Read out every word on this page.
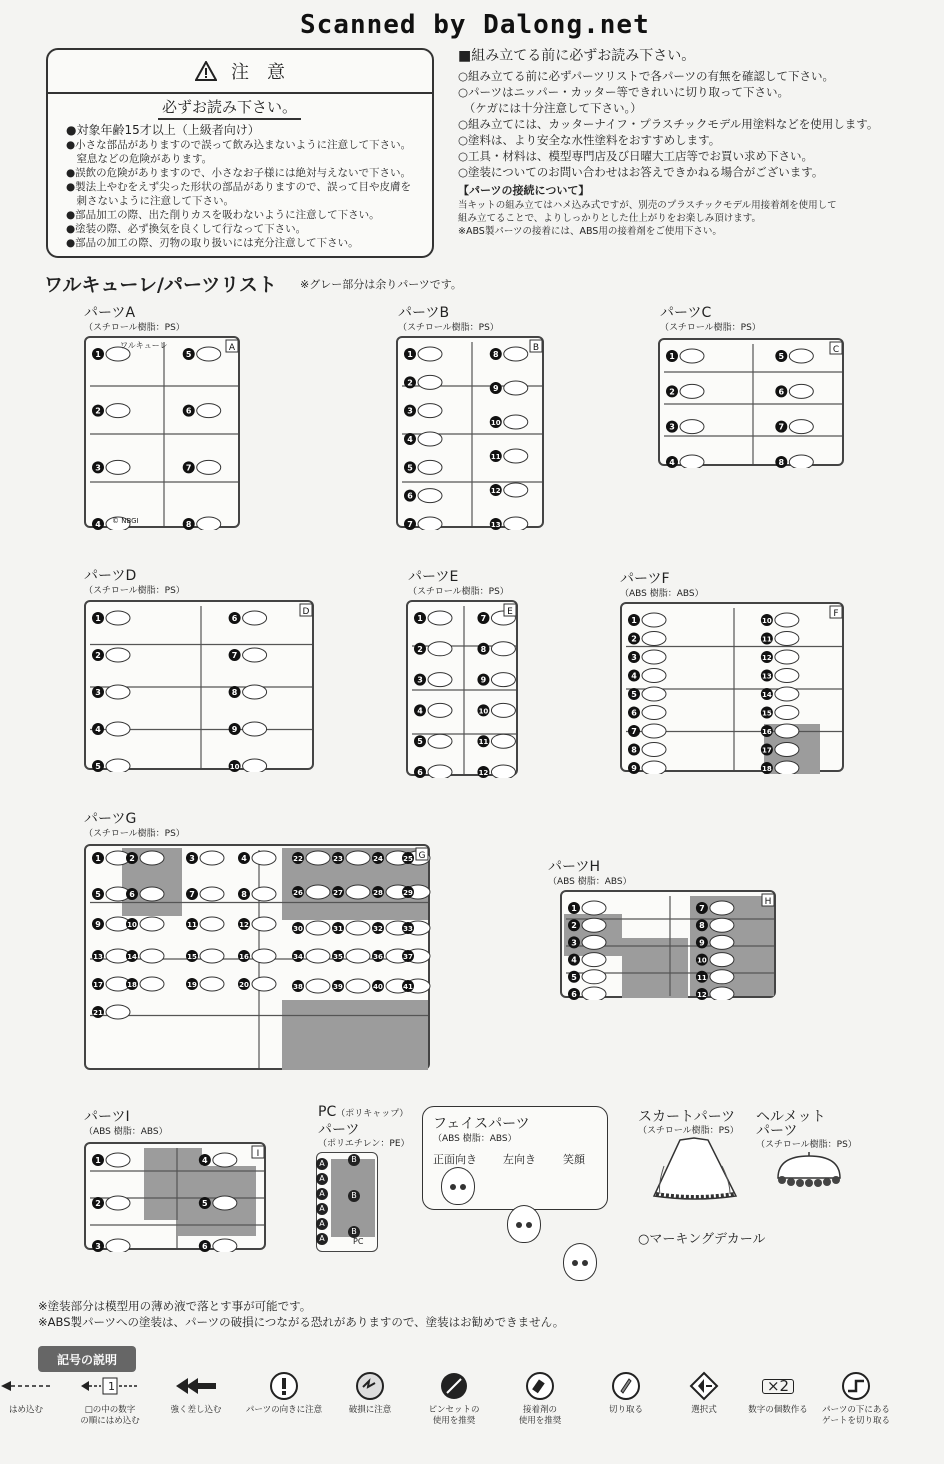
Scanned by Dalong.net
注　意
必ずお読み下さい。
●対象年齢15才以上（上級者向け）
●小さな部品がありますので誤って飲み込まないように注意して下さい。
　窒息などの危険があります。
●誤飲の危険がありますので、小さなお子様には絶対与えないで下さい。
●製法上やむをえず尖った形状の部品がありますので、誤って目や皮膚を
　刺さないように注意して下さい。
●部品加工の際、出た削りカスを吸わないように注意して下さい。
●塗装の際、必ず換気を良くして行なって下さい。
●部品の加工の際、刃物の取り扱いには充分注意して下さい。
■組み立てる前に必ずお読み下さい。
○組み立てる前に必ずパーツリストで各パーツの有無を確認して下さい。
○パーツはニッパー・カッター等できれいに切り取って下さい。
　（ケガには十分注意して下さい。）
○組み立てには、カッターナイフ・プラスチックモデル用塗料などを使用します。
○塗料は、より安全な水性塗料をおすすめします。
○工具・材料は、模型専門店及び日曜大工店等でお買い求め下さい。
○塗装についてのお問い合わせはお答えできかねる場合がございます。
【パーツの接続について】
当キットの組み立てはハメ込み式ですが、別売のプラスチックモデル用接着剤を使用して
組み立てることで、よりしっかりとした仕上がりをお楽しみ頂けます。
※ABS製パーツの接着には、ABS用の接着剤をご使用下さい。
ワルキューレ/パーツリスト ※グレー部分は余りパーツです。
パーツA
（スチロール樹脂：PS）
パーツB
（スチロール樹脂：PS）
パーツC
（スチロール樹脂：PS）
パーツD
（スチロール樹脂：PS）
パーツE
（スチロール樹脂：PS）
パーツF
（ABS 樹脂：ABS）
パーツG
（スチロール樹脂：PS）
パーツH
（ABS 樹脂：ABS）
パーツI
（ABS 樹脂：ABS）
1
2
3
4
5
6
7
8
A
1
2
3
4
5
6
7
8
9
10
11
12
13
B
1
2
3
4
5
6
7
8
C
1
2
3
4
5
6
7
8
9
10
D
1
2
3
4
5
6
7
8
9
10
11
12
E
1
2
3
4
5
6
7
8
9
10
11
12
13
14
15
16
17
18
F
1	2	3	4
5	6	7	8
9	10	11	12
13	14	15	16
17	18	19	20
21
22	23	24	25
26	27	28	29
30	31	32	33
34	35	36	37
38	39	40	41
G
1
2
3
4
5
6
7
8
9
10
11
12
H
1
2
3
4
5
6
I
ワルキューレ
© NBGI
PC（ポリキャップ）
パーツ
（ポリエチレン：PE）
PC
A
A
A
A
A
A
B
B
B
フェイスパーツ
（ABS 樹脂：ABS）
正面向き 左向き 笑顔
スカートパーツ
（スチロール樹脂：PS）
ヘルメット
パーツ
（スチロール樹脂：PS）
○マーキングデカール
※塗装部分は模型用の薄め液で落とす事が可能です。
※ABS製パーツへの塗装は、パーツの破損につながる恐れがありますので、塗装はお勧めできません。
記号の説明
はめ込む
1
□の中の数字
の順にはめ込む
強く差し込む	パーツの向きに注意	破損に注意	ピンセットの
使用を推奨
接着剤の
使用を推奨
切り取る	選択式
×2
数字の個数作る	パーツの下にある
ゲートを切り取る
